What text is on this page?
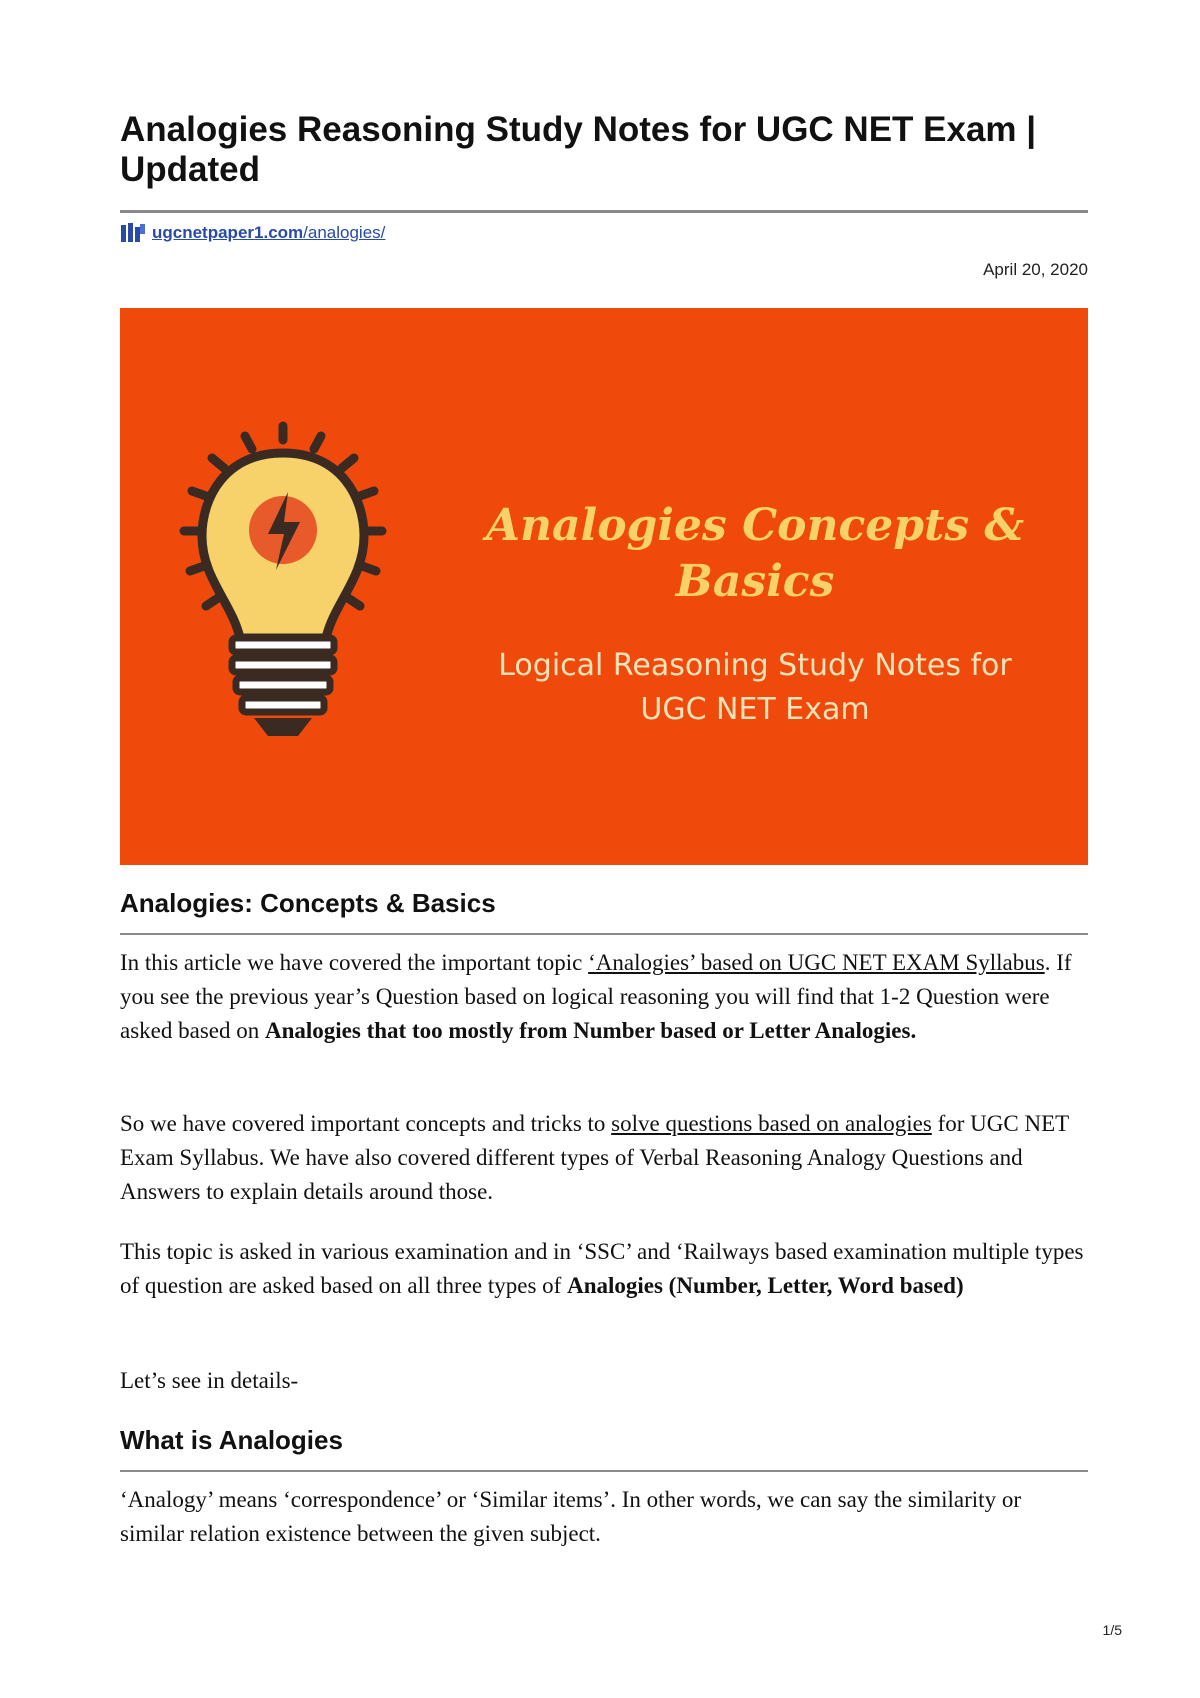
Analogies Reasoning Study Notes for UGC NET Exam | Updated
ugcnetpaper1.com/analogies/
April 20, 2020

Analogies Concepts & Basics

Logical Reasoning Study Notes for
UGC NET Exam
Analogies: Concepts & Basics

In this article we have covered the important topic ‘Analogies’ based on UGC NET EXAM Syllabus. If you see the previous year’s Question based on logical reasoning you will find that 1-2 Question were asked based on Analogies that too mostly from Number based or Letter Analogies.

So we have covered important concepts and tricks to solve questions based on analogies for UGC NET Exam Syllabus. We have also covered different types of Verbal Reasoning Analogy Questions and Answers to explain details around those.

This topic is asked in various examination and in ‘SSC’ and ‘Railways based examination multiple types of question are asked based on all three types of Analogies (Number, Letter, Word based)

Let’s see in details-

What is Analogies

‘Analogy’ means ‘correspondence’ or ‘Similar items’. In other words, we can say the similarity or similar relation existence between the given subject.

1/5
